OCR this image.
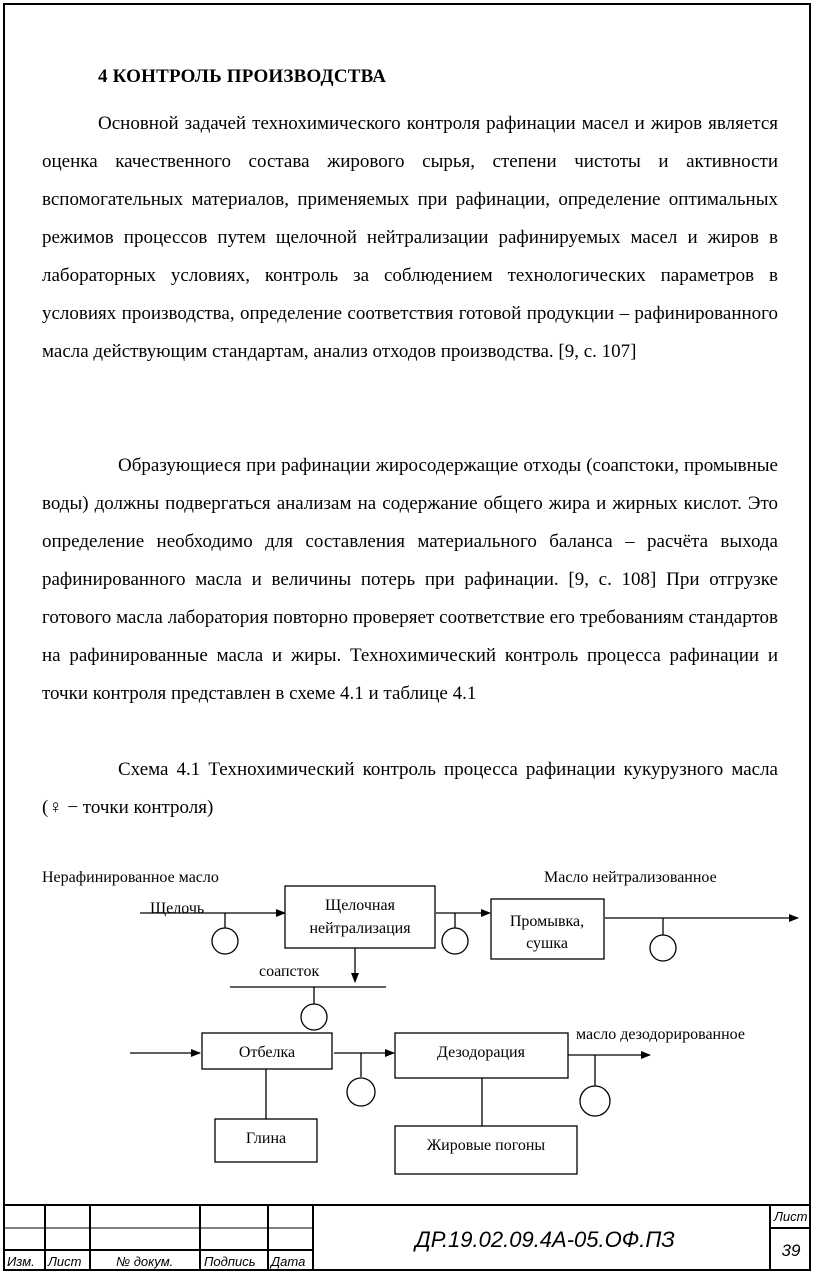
4 КОНТРОЛЬ ПРОИЗВОДСТВА
Основной задачей технохимического контроля рафинации масел и жиров является оценка качественного состава жирового сырья, степени чистоты и активности вспомогательных материалов, применяемых при рафинации, определение оптимальных режимов процессов путем щелочной нейтрализации рафинируемых масел и жиров в лабораторных условиях, контроль за соблюдением технологических параметров в условиях производства, определение соответствия готовой продукции – рафинированного масла действующим стандартам, анализ отходов производства. [9, с. 107]
Образующиеся при рафинации жиросодержащие отходы (соапстоки, промывные воды) должны подвергаться анализам на содержание общего жира и жирных кислот. Это определение необходимо для составления материального баланса – расчёта выхода рафинированного масла и величины потерь при рафинации. [9, с. 108] При отгрузке готового масла лаборатория повторно проверяет соответствие его требованиям стандартов на рафинированные масла и жиры. Технохимический контроль процесса рафинации и точки контроля представлен в схеме 4.1 и таблице 4.1
Схема 4.1 Технохимический контроль процесса рафинации кукурузного масла (♀ − точки контроля)
Нерафинированное масло
Щелочь	Щелочная
нейтрализация	Промывка,
сушка
Масло нейтрализованное
соапсток
Отбелка	Дезодорация
масло дезодорированное
Глина	Жировые погоны
Изм. Лист	№ докум. Подпись Дата
ДР.19.02.09.4А-05.ОФ.ПЗ
Лист
39
